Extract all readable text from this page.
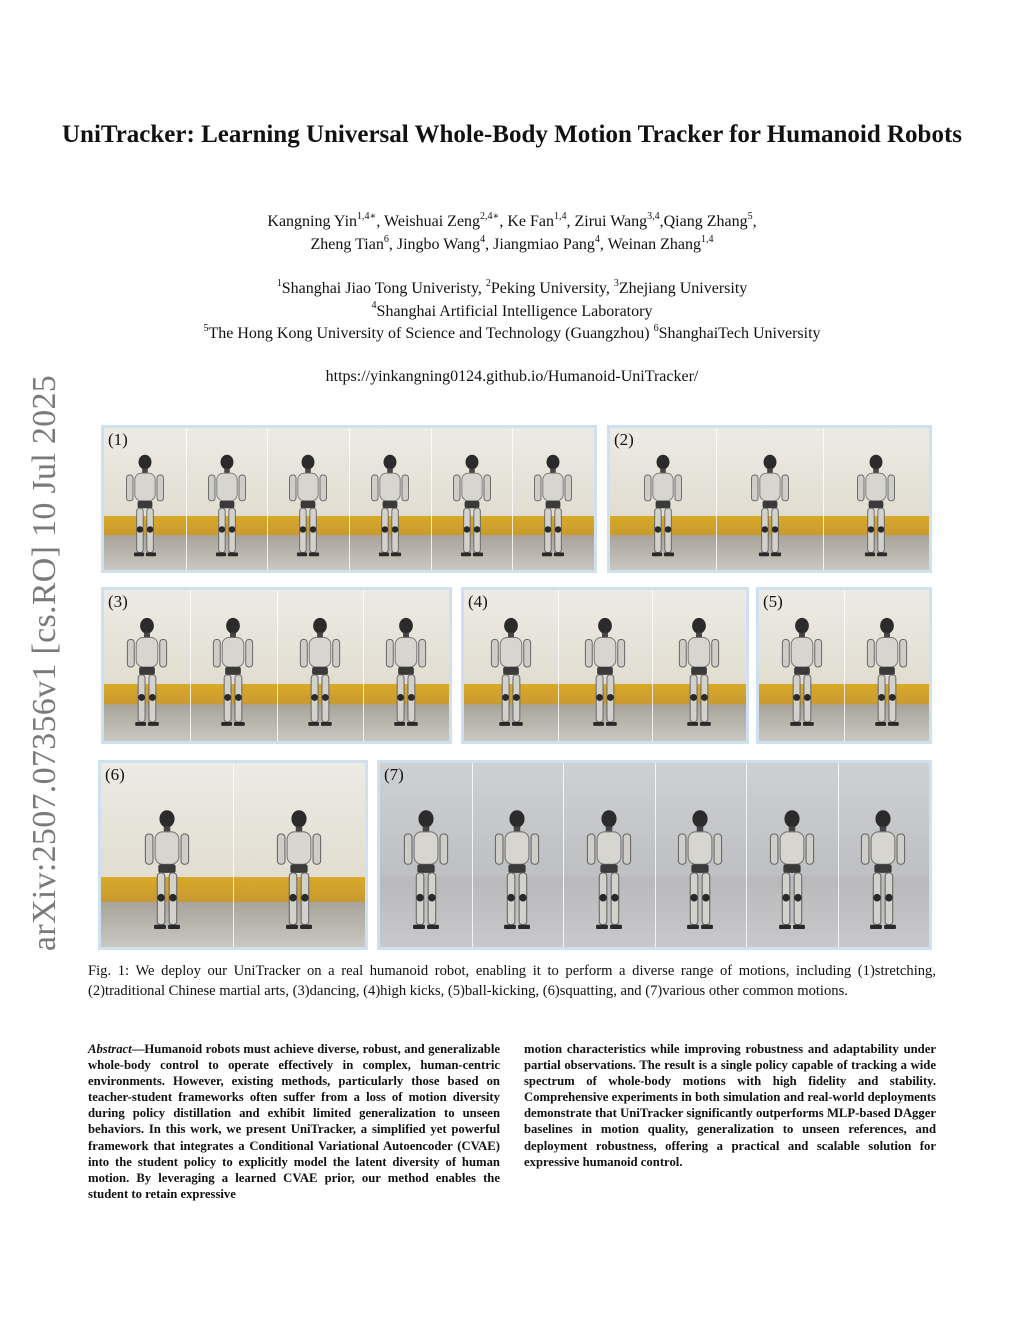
UniTracker: Learning Universal Whole-Body Motion Tracker for Humanoid Robots
Kangning Yin$^{1,4∗}$, Weishuai Zeng$^{2,4∗}$, Ke Fan$^{1,4}$, Zirui Wang$^{3,4}$,Qiang Zhang$^5$,
Zheng Tian$^6$, Jingbo Wang$^4$, Jiangmiao Pang$^4$, Weinan Zhang$^{1,4}$
$^1$Shanghai Jiao Tong Univeristy, $^2$Peking University, $^3$Zhejiang University
$^4$Shanghai Artificial Intelligence Laboratory
$^5$The Hong Kong University of Science and Technology (Guangzhou) $^6$ShanghaiTech University
https://yinkangning0124.github.io/Humanoid-UniTracker/
arXiv:2507.07356v1 [cs.RO] 10 Jul 2025	(1)	(2)
(3)	(4)	(5)
(6)	(7)
Fig. 1: We deploy our UniTracker on a real humanoid robot, enabling it to perform a diverse range of motions, including (1)stretching, (2)traditional Chinese martial arts, (3)dancing, (4)high kicks, (5)ball-kicking, (6)squatting, and (7)various other common motions.
Abstract—Humanoid robots must achieve diverse, robust, and generalizable whole-body control to operate effectively in complex, human-centric environments. However, existing methods, particularly those based on teacher-student frameworks often suffer from a loss of motion diversity during policy distillation and exhibit limited generalization to unseen behaviors. In this work, we present UniTracker, a simplified yet powerful framework that integrates a Conditional Variational Autoencoder (CVAE) into the student policy to explicitly model the latent diversity of human motion. By leveraging a learned CVAE prior, our method enables the student to retain expressive
motion characteristics while improving robustness and adaptability under partial observations. The result is a single policy capable of tracking a wide spectrum of whole-body motions with high fidelity and stability. Comprehensive experiments in both simulation and real-world deployments demonstrate that UniTracker significantly outperforms MLP-based DAgger baselines in motion quality, generalization to unseen references, and deployment robustness, offering a practical and scalable solution for expressive humanoid control.
